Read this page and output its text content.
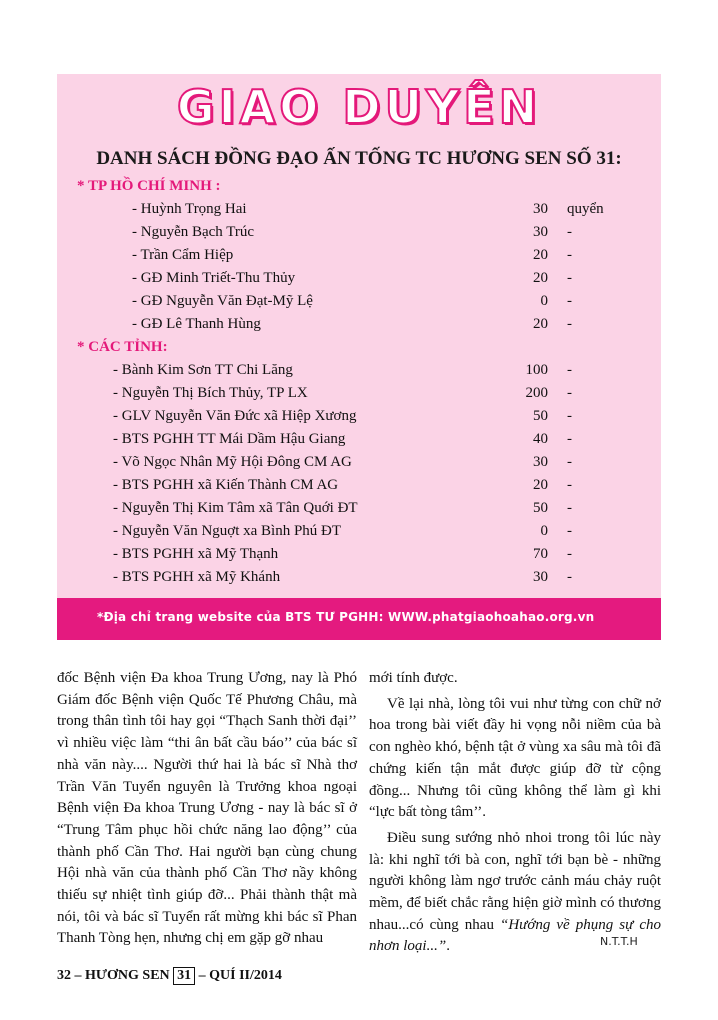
GIAO DUYÊN
DANH SÁCH ĐỒNG ĐẠO ẤN TỐNG TC HƯƠNG SEN SỐ 31:
* TP HỒ CHÍ MINH :
- Huỳnh Trọng Hai	30 quyển
- Nguyễn Bạch Trúc	30 -
- Trần Cẩm Hiệp	20 -
- GĐ Minh Triết-Thu Thủy	20 -
- GĐ Nguyễn Văn Đạt-Mỹ Lệ	0 -
- GĐ Lê Thanh Hùng	20 -
* CÁC TỈNH:
- Bành Kim Sơn TT Chi Lăng	100 -
- Nguyễn Thị Bích Thủy, TP LX	200 -
- GLV Nguyễn Văn Đức xã Hiệp Xương	50 -
- BTS PGHH TT Mái Dầm Hậu Giang	40 -
- Võ Ngọc Nhân Mỹ Hội Đông CM AG	30 -
- BTS PGHH xã Kiến Thành CM AG	20 -
- Nguyễn Thị Kim Tâm xã Tân Quới ĐT	50 -
- Nguyễn Văn Nguợt xa Bình Phú ĐT	0 -
- BTS PGHH xã Mỹ Thạnh	70 -
- BTS PGHH xã Mỹ Khánh	30 -
*Địa chỉ trang website của BTS TƯ PGHH: WWW.phatgiaohoahao.org.vn

đốc Bệnh viện Đa khoa Trung Ương, nay là Phó Giám đốc Bệnh viện Quốc Tế Phương Châu, mà trong thân tình tôi hay gọi “Thạch Sanh thời đại’’ vì nhiều việc làm “thi ân bất cầu báo’’ của bác sĩ nhà văn này.... Người thứ hai là bác sĩ Nhà thơ Trần Văn Tuyển nguyên là Trưởng khoa ngoại Bệnh viện Đa khoa Trung Ương - nay là bác sĩ ở “Trung Tâm phục hồi chức năng lao động’’ của thành phố Cần Thơ. Hai người bạn cùng chung Hội nhà văn của thành phố Cần Thơ nầy không thiếu sự nhiệt tình giúp đỡ... Phải thành thật mà nói, tôi và bác sĩ Tuyển rất mừng khi bác sĩ Phan Thanh Tòng hẹn, nhưng chị em gặp gỡ nhau

mới tính được.

Về lại nhà, lòng tôi vui như từng con chữ nở hoa trong bài viết đầy hi vọng nỗi niềm của bà con nghèo khó, bệnh tật ở vùng xa sâu mà tôi đã chứng kiến tận mắt được giúp đỡ từ cộng đồng... Nhưng tôi cũng không thể làm gì khi “lực bất tòng tâm’’.

Điều sung sướng nhỏ nhoi trong tôi lúc này là: khi nghĩ tới bà con, nghĩ tới bạn bè - những người không làm ngơ trước cảnh máu chảy ruột mềm, để biết chắc rằng hiện giờ mình có thương nhau...có cùng nhau “Hướng về phụng sự cho nhơn loại...”.	N.T.T.H
32 – HƯƠNG SEN 31 – QUÍ II/2014
